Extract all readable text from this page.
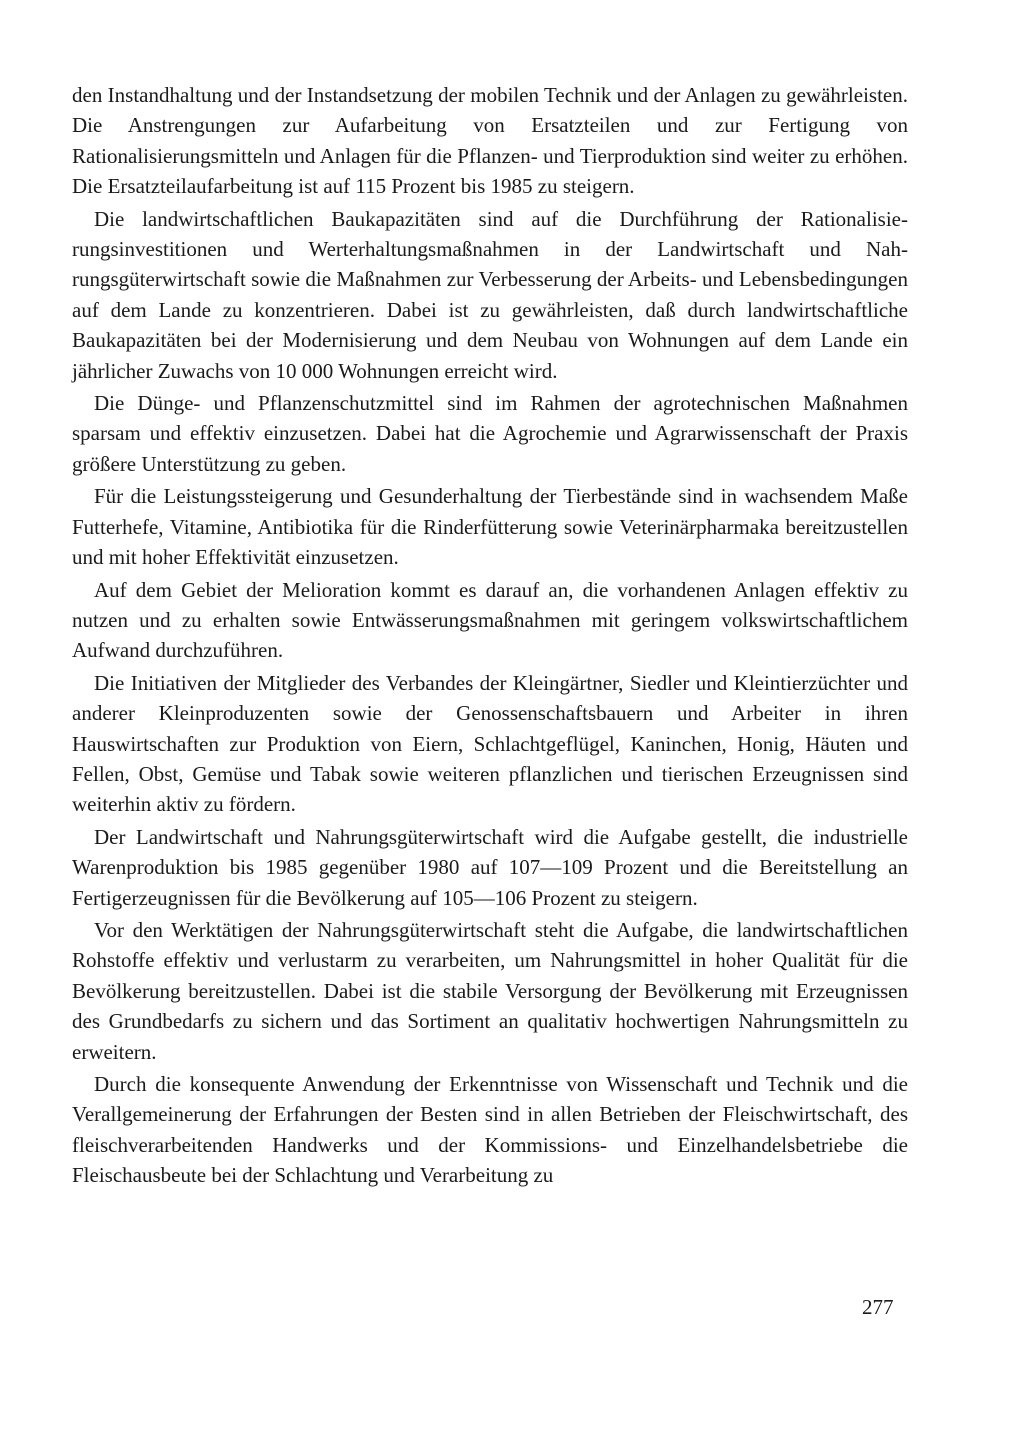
den Instandhaltung und der Instandsetzung der mobilen Technik und der Anlagen zu gewährleisten. Die Anstrengungen zur Aufarbeitung von Ersatzteilen und zur Fertigung von Rationalisierungsmitteln und Anlagen für die Pflanzen- und Tierproduktion sind weiter zu erhöhen. Die Ersatzteilaufarbeitung ist auf 115 Prozent bis 1985 zu steigern.

Die landwirtschaftlichen Baukapazitäten sind auf die Durchführung der Rationalisierungsinvestitionen und Werterhaltungsmaßnahmen in der Landwirtschaft und Nahrungsgüterwirtschaft sowie die Maßnahmen zur Verbesserung der Arbeits- und Lebensbedingungen auf dem Lande zu konzentrieren. Dabei ist zu gewährleisten, daß durch landwirtschaftliche Baukapazitäten bei der Modernisierung und dem Neubau von Wohnungen auf dem Lande ein jährlicher Zuwachs von 10 000 Wohnungen erreicht wird.

Die Dünge- und Pflanzenschutzmittel sind im Rahmen der agrotechnischen Maßnahmen sparsam und effektiv einzusetzen. Dabei hat die Agrochemie und Agrarwissenschaft der Praxis größere Unterstützung zu geben.

Für die Leistungssteigerung und Gesunderhaltung der Tierbestände sind in wachsendem Maße Futterhefe, Vitamine, Antibiotika für die Rinderfütterung sowie Veterinärpharmaka bereitzustellen und mit hoher Effektivität einzusetzen.

Auf dem Gebiet der Melioration kommt es darauf an, die vorhandenen Anlagen effektiv zu nutzen und zu erhalten sowie Entwässerungsmaßnahmen mit geringem volkswirtschaftlichem Aufwand durchzuführen.

Die Initiativen der Mitglieder des Verbandes der Kleingärtner, Siedler und Kleintierzüchter und anderer Kleinproduzenten sowie der Genossenschaftsbauern und Arbeiter in ihren Hauswirtschaften zur Produktion von Eiern, Schlachtgeflügel, Kaninchen, Honig, Häuten und Fellen, Obst, Gemüse und Tabak sowie weiteren pflanzlichen und tierischen Erzeugnissen sind weiterhin aktiv zu fördern.

Der Landwirtschaft und Nahrungsgüterwirtschaft wird die Aufgabe gestellt, die industrielle Warenproduktion bis 1985 gegenüber 1980 auf 107—109 Prozent und die Bereitstellung an Fertigerzeugnissen für die Bevölkerung auf 105—106 Prozent zu steigern.

Vor den Werktätigen der Nahrungsgüterwirtschaft steht die Aufgabe, die landwirtschaftlichen Rohstoffe effektiv und verlustarm zu verarbeiten, um Nahrungsmittel in hoher Qualität für die Bevölkerung bereitzustellen. Dabei ist die stabile Versorgung der Bevölkerung mit Erzeugnissen des Grundbedarfs zu sichern und das Sortiment an qualitativ hochwertigen Nahrungsmitteln zu erweitern.

Durch die konsequente Anwendung der Erkenntnisse von Wissenschaft und Technik und die Verallgemeinerung der Erfahrungen der Besten sind in allen Betrieben der Fleischwirtschaft, des fleischverarbeitenden Handwerks und der Kommissions- und Einzelhandelsbetriebe die Fleischausbeute bei der Schlachtung und Verarbeitung zu

277
